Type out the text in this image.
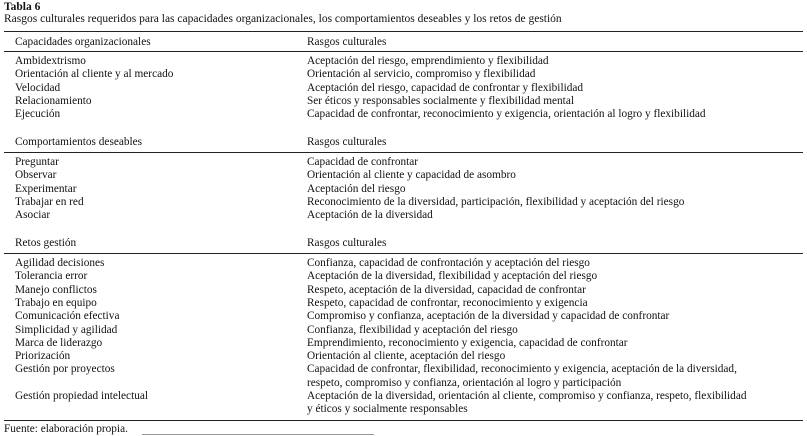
Tabla 6
Rasgos culturales requeridos para las capacidades organizacionales, los comportamientos deseables y los retos de gestión
Capacidades organizacionales	Rasgos culturales
Ambidextrismo	Aceptación del riesgo, emprendimiento y flexibilidad
Orientación al cliente y al mercado	Orientación al servicio, compromiso y flexibilidad
Velocidad	Aceptación del riesgo, capacidad de confrontar y flexibilidad
Relacionamiento	Ser éticos y responsables socialmente y flexibilidad mental
Ejecución	Capacidad de confrontar, reconocimiento y exigencia, orientación al logro y flexibilidad
Comportamientos deseables	Rasgos culturales
Preguntar	Capacidad de confrontar
Observar	Orientación al cliente y capacidad de asombro
Experimentar	Aceptación del riesgo
Trabajar en red	Reconocimiento de la diversidad, participación, flexibilidad y aceptación del riesgo
Asociar	Aceptación de la diversidad
Retos gestión	Rasgos culturales
Agilidad decisiones	Confianza, capacidad de confrontación y aceptación del riesgo
Tolerancia error	Aceptación de la diversidad, flexibilidad y aceptación del riesgo
Manejo conflictos	Respeto, aceptación de la diversidad, capacidad de confrontar
Trabajo en equipo	Respeto, capacidad de confrontar, reconocimiento y exigencia
Comunicación efectiva	Compromiso y confianza, aceptación de la diversidad y capacidad de confrontar
Simplicidad y agilidad	Confianza, flexibilidad y aceptación del riesgo
Marca de liderazgo	Emprendimiento, reconocimiento y exigencia, capacidad de confrontar
Priorización	Orientación al cliente, aceptación del riesgo
Gestión por proyectos	Capacidad de confrontar, flexibilidad, reconocimiento y exigencia, aceptación de la diversidad,
respeto, compromiso y confianza, orientación al logro y participación
Gestión propiedad intelectual	Aceptación de la diversidad, orientación al cliente, compromiso y confianza, respeto, flexibilidad
y éticos y socialmente responsables
Fuente: elaboración propia.
